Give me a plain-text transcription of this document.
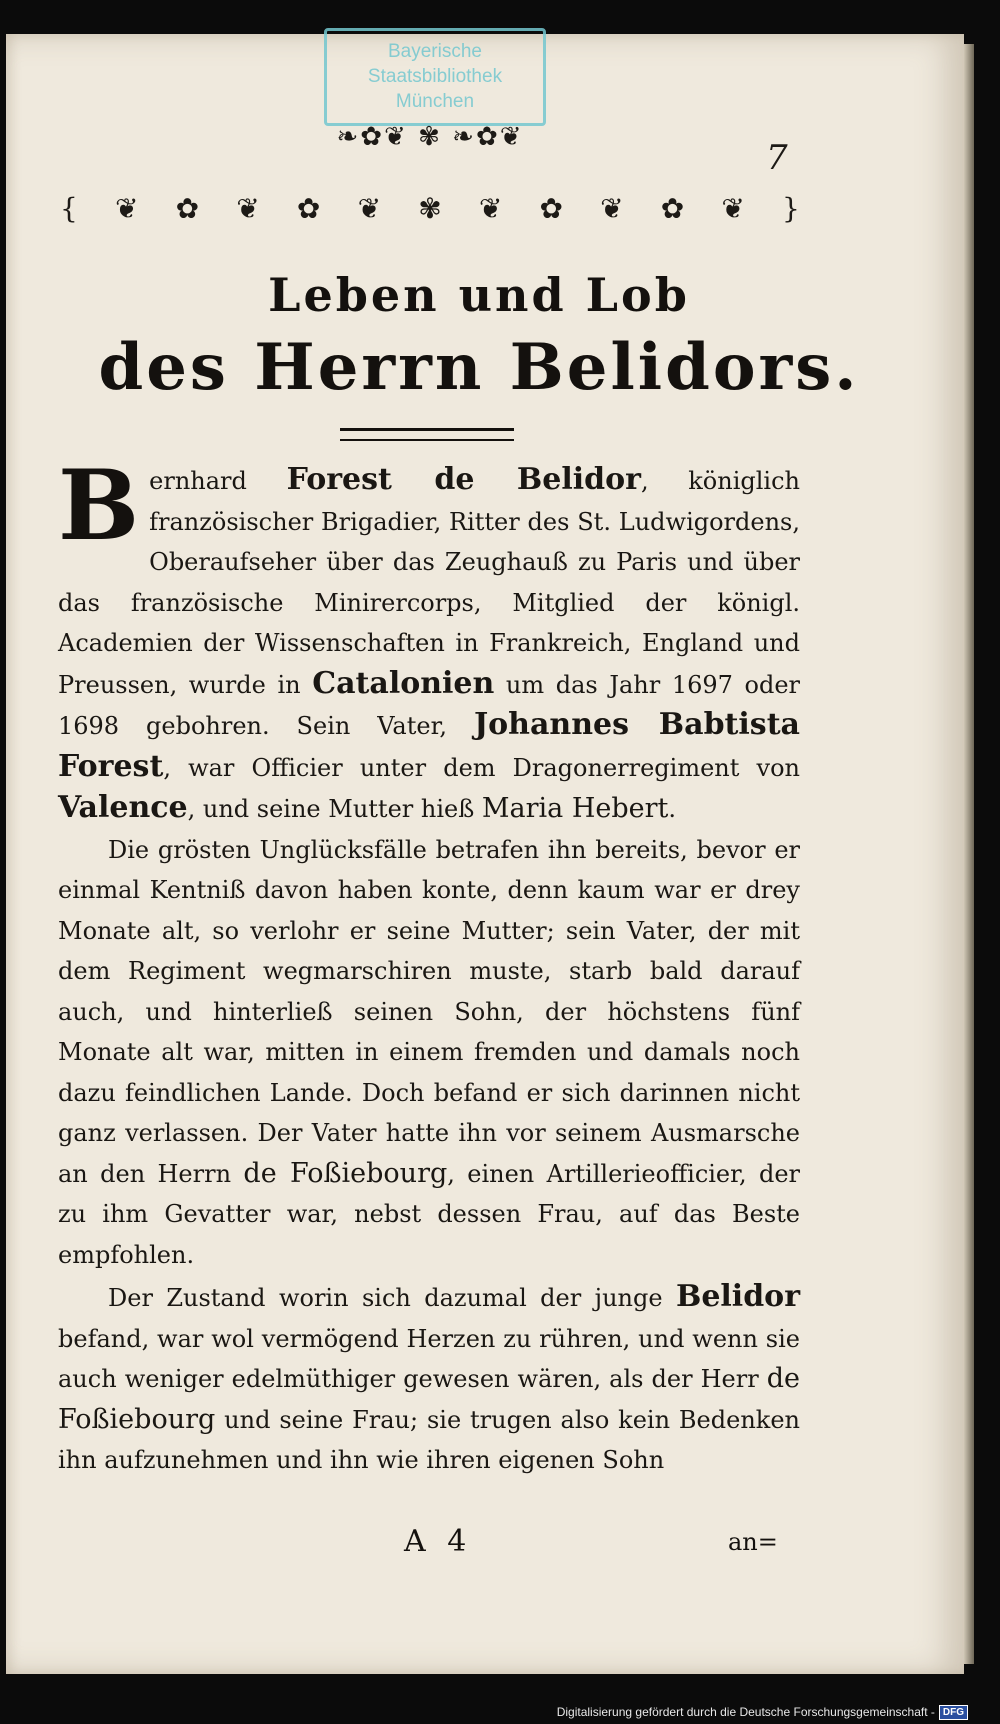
Bayerische
Staatsbibliothek
München
❧✿❦ ✾ ❧✿❦
7
{ ❦ ✿ ❦ ✿ ❦ ✾ ❦ ✿ ❦ ✿ ❦ }
Leben und Lob
des Herrn Belidors.

Bernhard Forest de Belidor, königlich französischer Brigadier, Ritter des St. Ludwigordens, Oberaufseher über das Zeughauß zu Paris und über das französische Minirercorps, Mitglied der königl. Academien der Wissenschaften in Frankreich, England und Preussen, wurde in Catalonien um das Jahr 1697 oder 1698 gebohren. Sein Vater, Johannes Babtista Forest, war Officier unter dem Dragonerregiment von Valence, und seine Mutter hieß Maria Hebert.

Die grösten Unglücksfälle betrafen ihn bereits, bevor er einmal Kentniß davon haben konte, denn kaum war er drey Monate alt, so verlohr er seine Mutter; sein Vater, der mit dem Regiment wegmarschiren muste, starb bald darauf auch, und hinterließ seinen Sohn, der höchstens fünf Monate alt war, mitten in einem fremden und damals noch dazu feindlichen Lande. Doch befand er sich darinnen nicht ganz verlassen. Der Vater hatte ihn vor seinem Ausmarsche an den Herrn de Foßiebourg, einen Artillerieofficier, der zu ihm Gevatter war, nebst dessen Frau, auf das Beste empfohlen.

Der Zustand worin sich dazumal der junge Belidor befand, war wol vermögend Herzen zu rühren, und wenn sie auch weniger edelmüthiger gewesen wären, als der Herr de Foßiebourg und seine Frau; sie trugen also kein Bedenken ihn aufzunehmen und ihn wie ihren eigenen Sohn

A 4	an=
Digitalisierung gefördert durch die Deutsche Forschungsgemeinschaft - DFG
